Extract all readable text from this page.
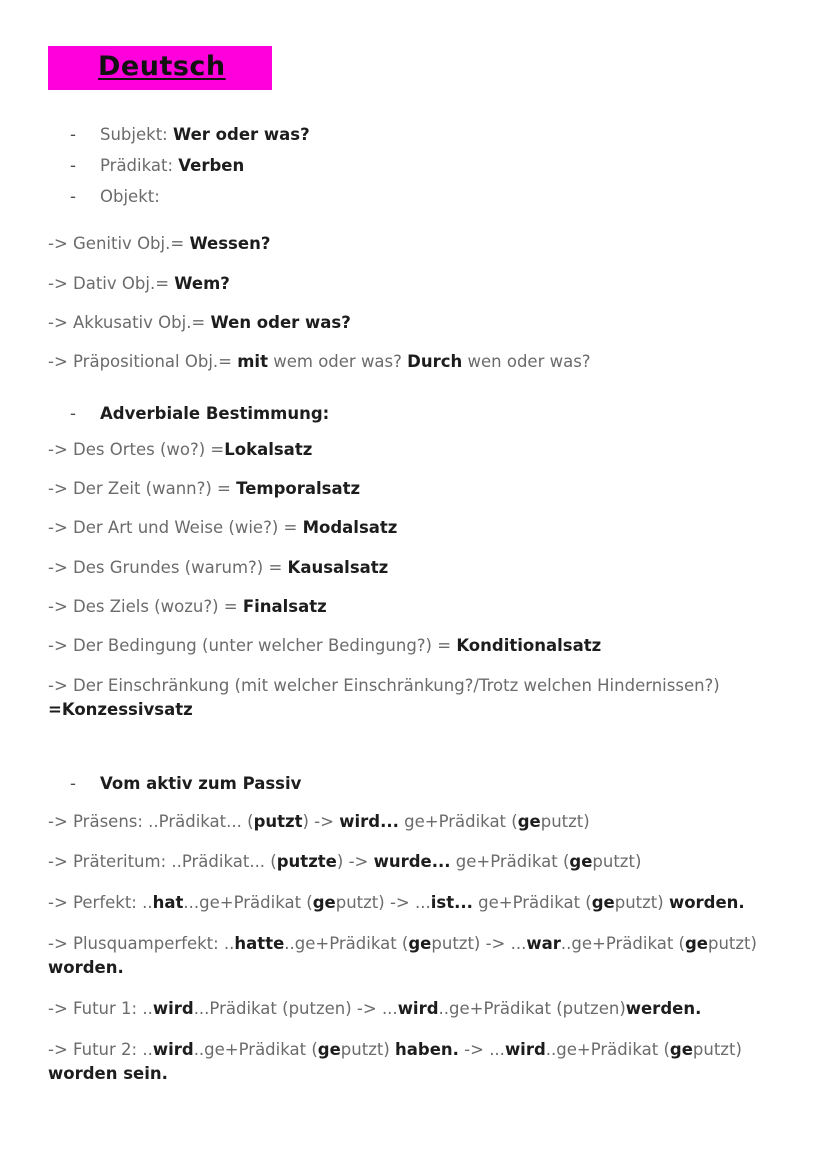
Deutsch
-	Subjekt: Wer oder was?
-	Prädikat: Verben
-	Objekt:
-> Genitiv Obj.= Wessen?
-> Dativ Obj.= Wem?
-> Akkusativ Obj.= Wen oder was?
-> Präpositional Obj.= mit wem oder was? Durch wen oder was?
-	Adverbiale Bestimmung:
-> Des Ortes (wo?) =Lokalsatz
-> Der Zeit (wann?) = Temporalsatz
-> Der Art und Weise (wie?) = Modalsatz
-> Des Grundes (warum?) = Kausalsatz
-> Des Ziels (wozu?) = Finalsatz
-> Der Bedingung (unter welcher Bedingung?) = Konditionalsatz
-> Der Einschränkung (mit welcher Einschränkung?/Trotz welchen Hindernissen?)
=Konzessivsatz
-	Vom aktiv zum Passiv
-> Präsens: ..Prädikat... (putzt) -> wird... ge+Prädikat (geputzt)
-> Präteritum: ..Prädikat... (putzte) -> wurde... ge+Prädikat (geputzt)
-> Perfekt: ..hat...ge+Prädikat (geputzt) -> ...ist... ge+Prädikat (geputzt) worden.
-> Plusquamperfekt: ..hatte..ge+Prädikat (geputzt) -> ...war..ge+Prädikat (geputzt)
worden.
-> Futur 1: ..wird...Prädikat (putzen) -> ...wird..ge+Prädikat (putzen)werden.
-> Futur 2: ..wird..ge+Prädikat (geputzt) haben. -> ...wird..ge+Prädikat (geputzt)
worden sein.
